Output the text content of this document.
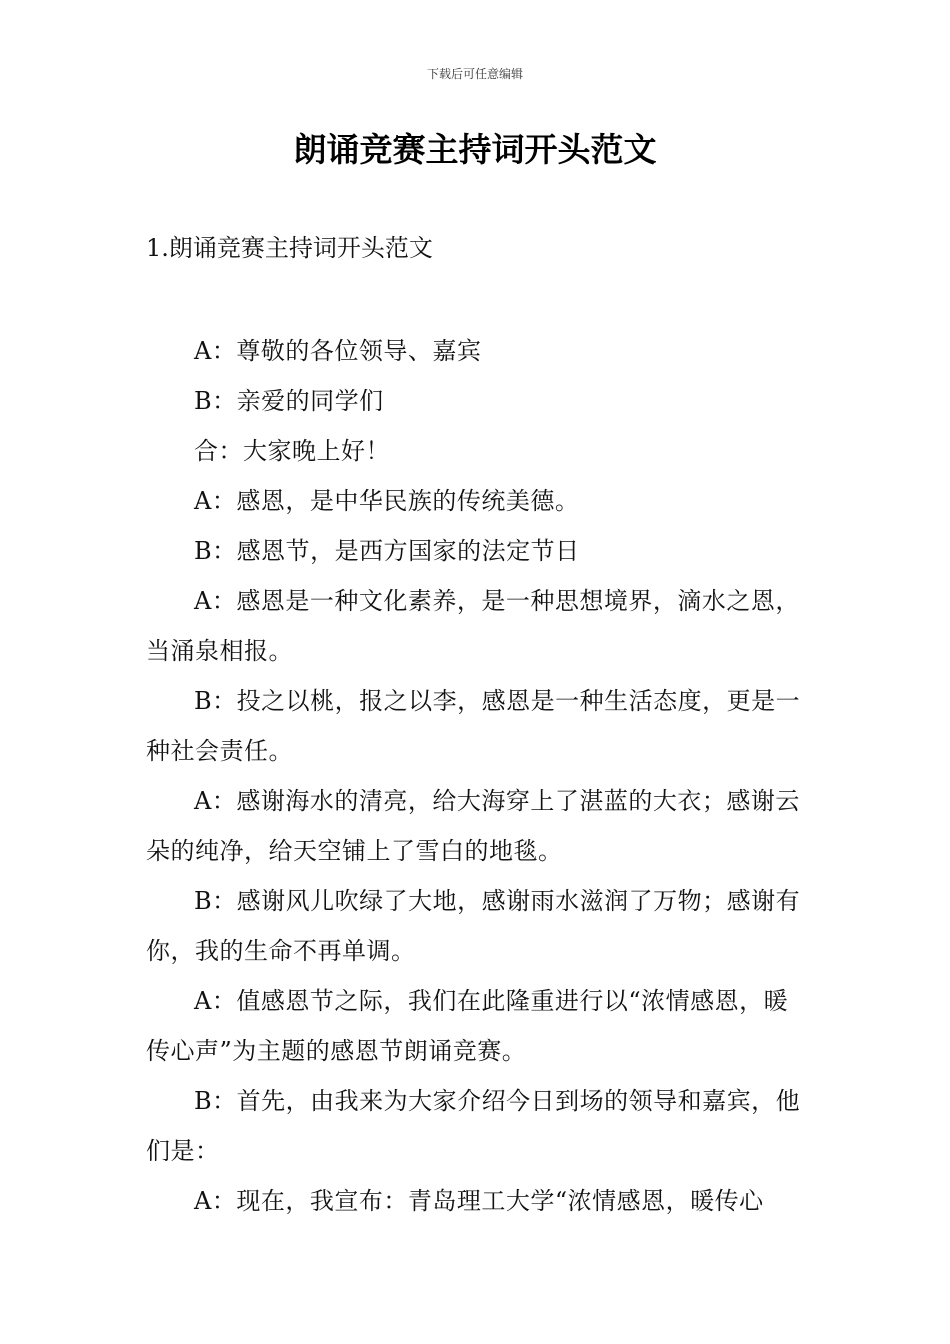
下载后可任意编辑
朗诵竞赛主持词开头范文
1.朗诵竞赛主持词开头范文

A：尊敬的各位领导、嘉宾

B：亲爱的同学们

合：大家晚上好！

A：感恩，是中华民族的传统美德。

B：感恩节，是西方国家的法定节日

A：感恩是一种文化素养，是一种思想境界，滴水之恩，当涌泉相报。

B：投之以桃，报之以李，感恩是一种生活态度，更是一种社会责任。

A：感谢海水的清亮，给大海穿上了湛蓝的大衣；感谢云朵的纯净，给天空铺上了雪白的地毯。

B：感谢风儿吹绿了大地，感谢雨水滋润了万物；感谢有你，我的生命不再单调。

A：值感恩节之际，我们在此隆重进行以“浓情感恩，暖传心声”为主题的感恩节朗诵竞赛。

B：首先，由我来为大家介绍今日到场的领导和嘉宾，他们是：

A：现在，我宣布：青岛理工大学“浓情感恩，暖传心
